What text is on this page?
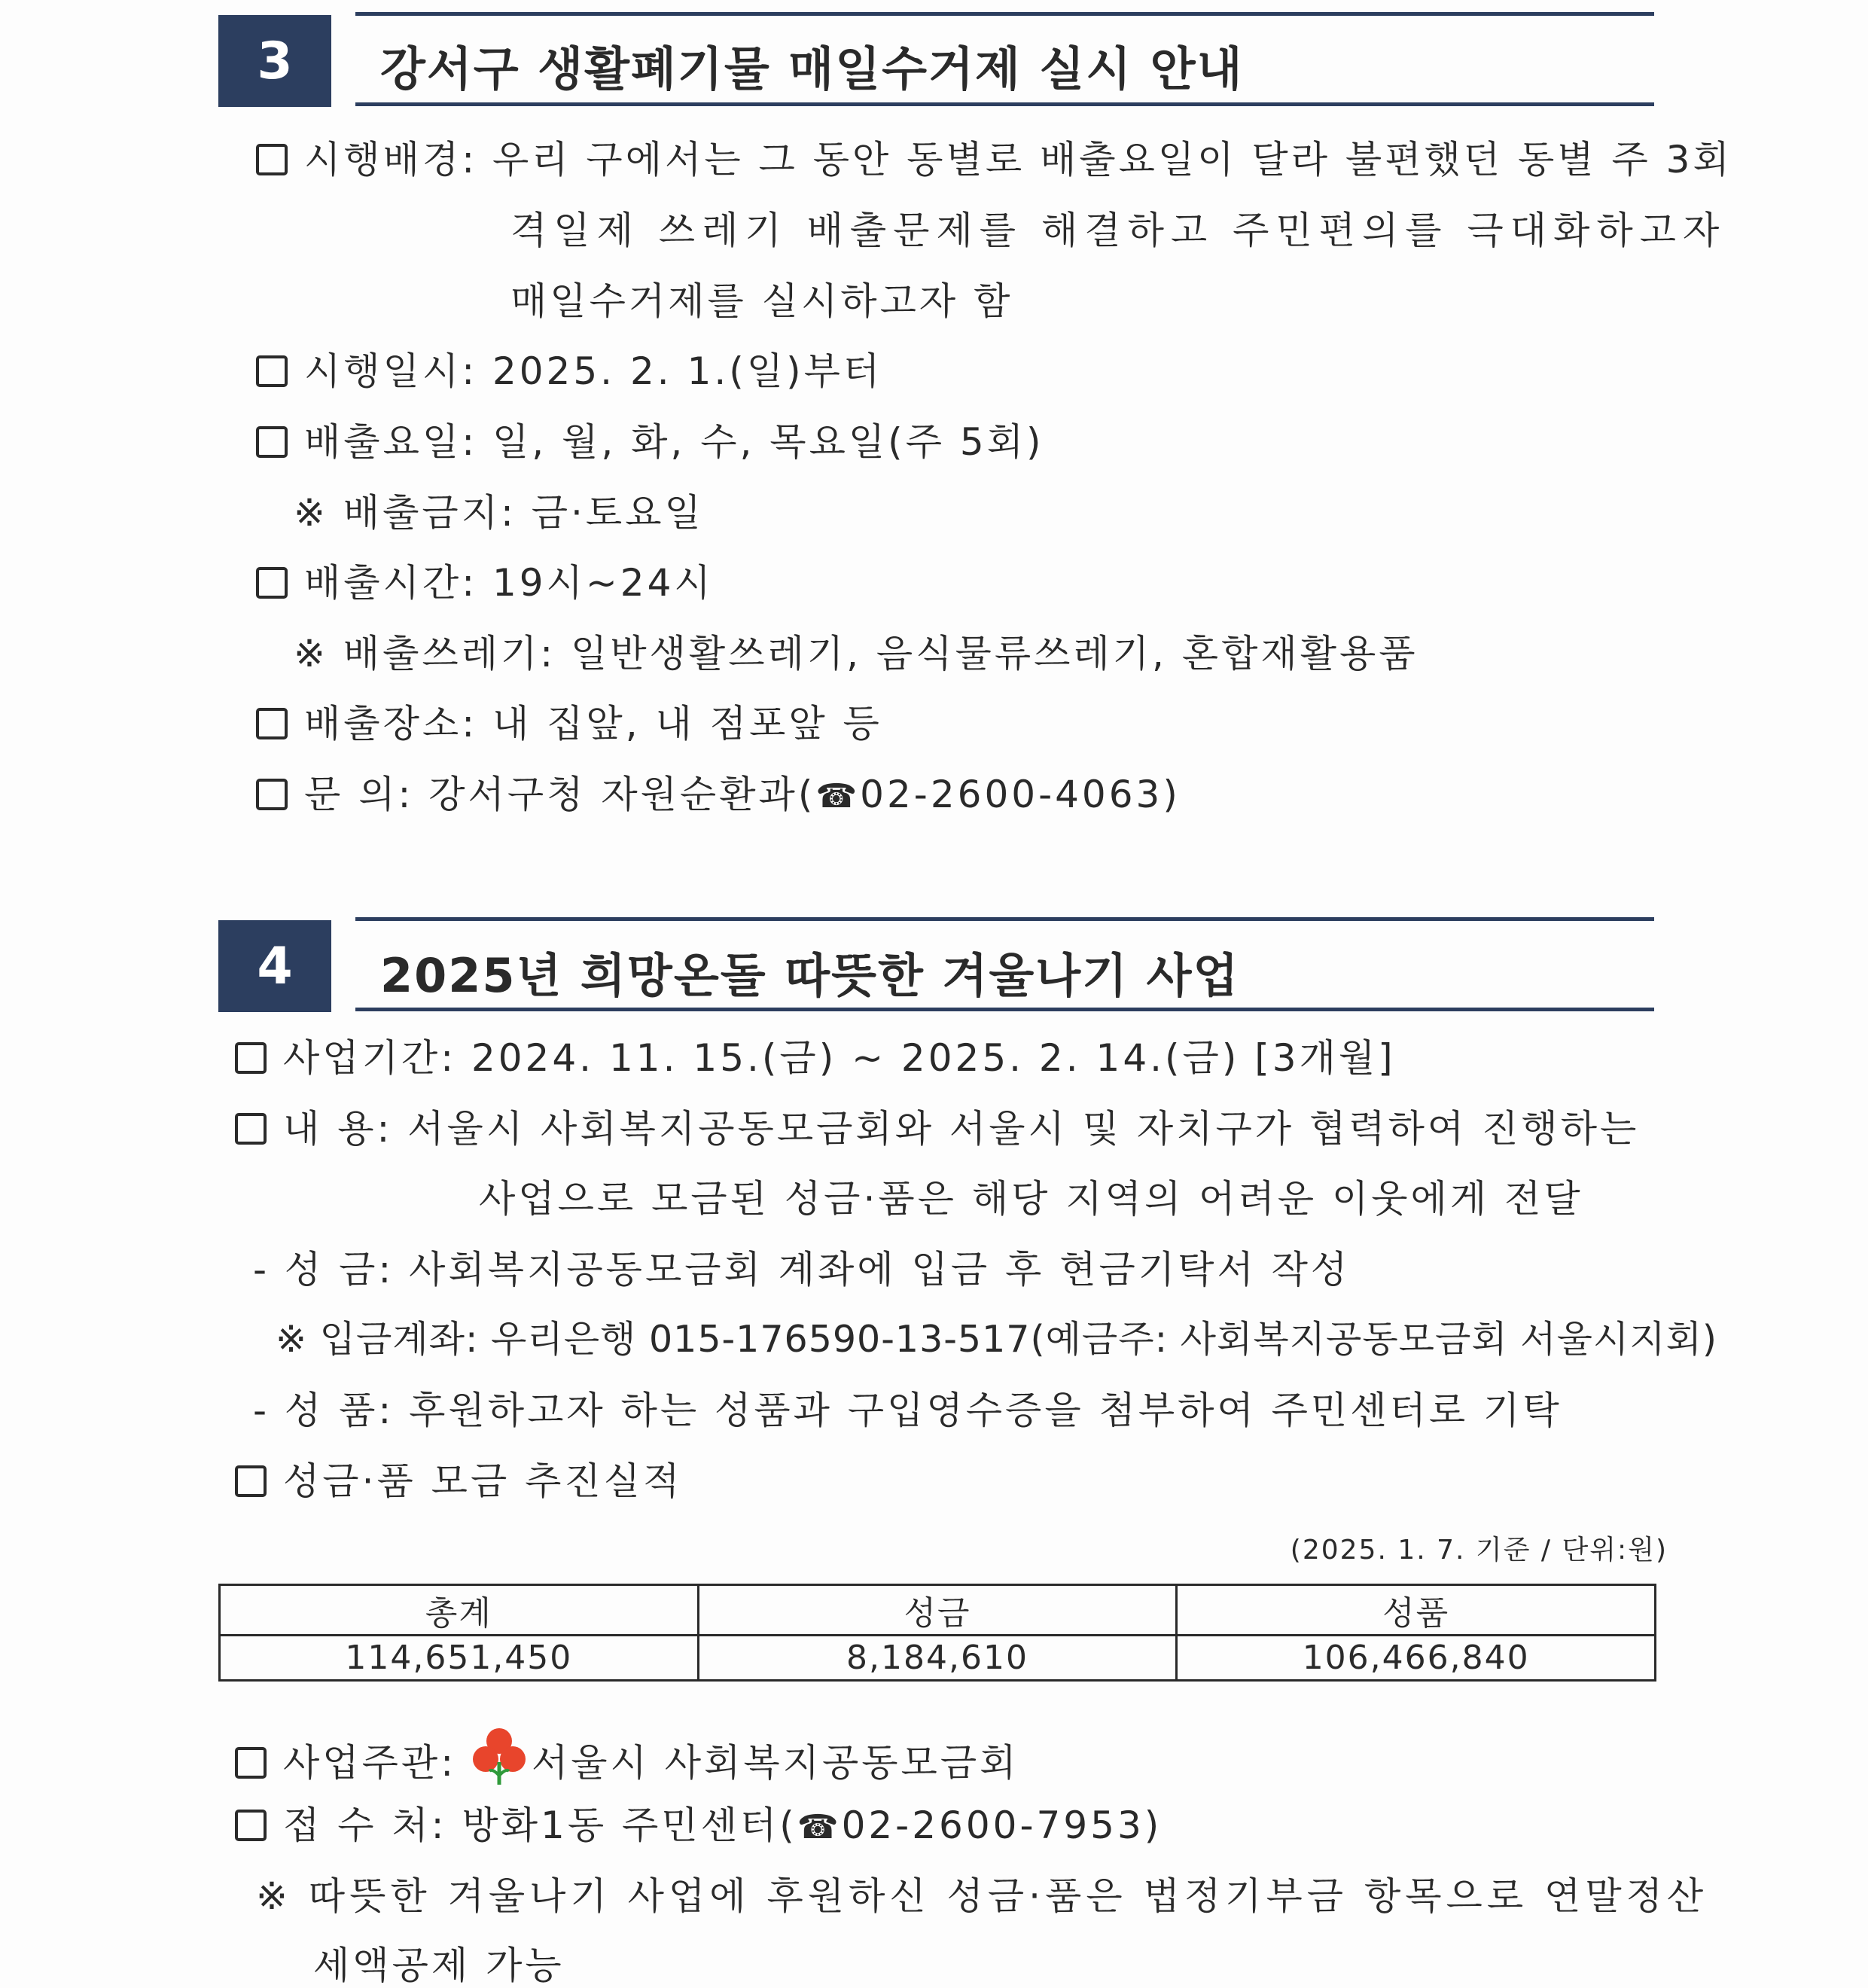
3	강서구 생활폐기물 매일수거제 실시 안내
시행배경: 우리 구에서는 그 동안 동별로 배출요일이 달라 불편했던 동별 주 3회
격일제 쓰레기 배출문제를 해결하고 주민편의를 극대화하고자
매일수거제를 실시하고자 함
시행일시: 2025. 2. 1.(일)부터
배출요일: 일, 월, 화, 수, 목요일(주 5회)
※ 배출금지: 금·토요일
배출시간: 19시~24시
※ 배출쓰레기: 일반생활쓰레기, 음식물류쓰레기, 혼합재활용품
배출장소: 내 집앞, 내 점포앞 등
문 의: 강서구청 자원순환과(☎02-2600-4063)
4	2025년 희망온돌 따뜻한 겨울나기 사업
사업기간: 2024. 11. 15.(금) ~ 2025. 2. 14.(금) [3개월]
내 용: 서울시 사회복지공동모금회와 서울시 및 자치구가 협력하여 진행하는
사업으로 모금된 성금·품은 해당 지역의 어려운 이웃에게 전달
- 성 금: 사회복지공동모금회 계좌에 입금 후 현금기탁서 작성
※ 입금계좌: 우리은행 015-176590-13-517(예금주: 사회복지공동모금회 서울시지회)
- 성 품: 후원하고자 하는 성품과 구입영수증을 첨부하여 주민센터로 기탁
성금·품 모금 추진실적
(2025. 1. 7. 기준 / 단위:원)
총계	성금	성품
114,651,450	8,184,610	106,466,840
사업주관: 서울시 사회복지공동모금회
접 수 처: 방화1동 주민센터(☎02-2600-7953)
※ 따뜻한 겨울나기 사업에 후원하신 성금·품은 법정기부금 항목으로 연말정산
세액공제 가능
